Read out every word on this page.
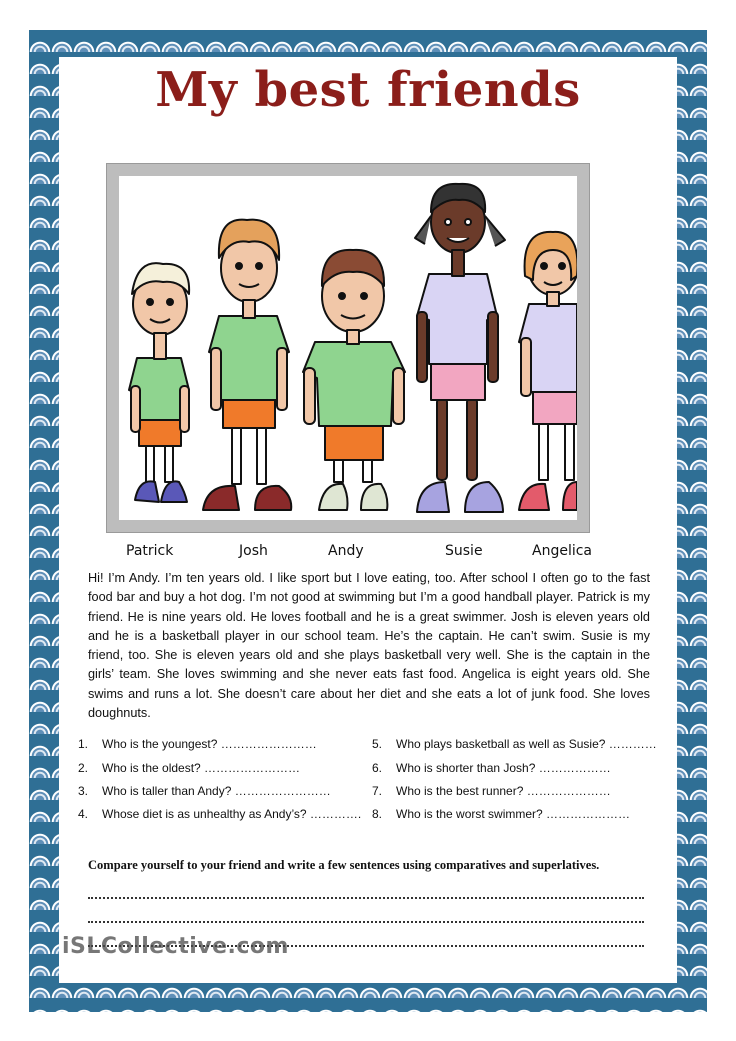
My best friends
Patrick	Josh	Andy	Susie	Angelica

Hi! I’m Andy. I’m ten years old. I like sport but I love eating, too. After school I often go to the fast food bar and buy a hot dog. I’m not good at swimming but I’m a good handball player. Patrick is my friend. He is nine years old. He loves football and he is a great swimmer. Josh is eleven years old and he is a basketball player in our school team. He’s the captain. He can’t swim. Susie is my friend, too. She is eleven years old and she plays basketball very well. She is the captain in the girls’ team. She loves swimming and she never eats fast food. Angelica is eight years old. She swims and runs a lot. She doesn’t care about her diet and she eats a lot of junk food. She loves doughnuts.

1. Who is the youngest? ……………………
2. Who is the oldest? ……………………
3. Who is taller than Andy? ……………………
4. Whose diet is as unhealthy as Andy’s? ………….
5. Who plays basketball as well as Susie? …………
6. Who is shorter than Josh? ………………
7. Who is the best runner? …………………
8. Who is the worst swimmer? …………………

Compare yourself to your friend and write a few sentences using comparatives and superlatives.

iSLCollective.com
